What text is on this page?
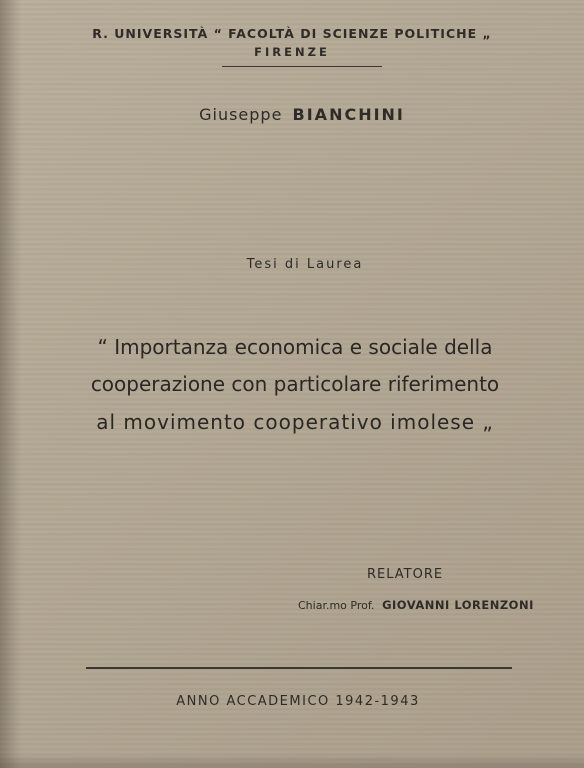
R. UNIVERSITÀ “ FACOLTÀ DI SCIENZE POLITICHE „
FIRENZE
Giuseppe BIANCHINI
Tesi di Laurea
“ Importanza economica e sociale della
cooperazione con particolare riferimento
al movimento cooperativo imolese „
RELATORE
Chiar.mo Prof. GIOVANNI LORENZONI
ANNO ACCADEMICO 1942-1943
